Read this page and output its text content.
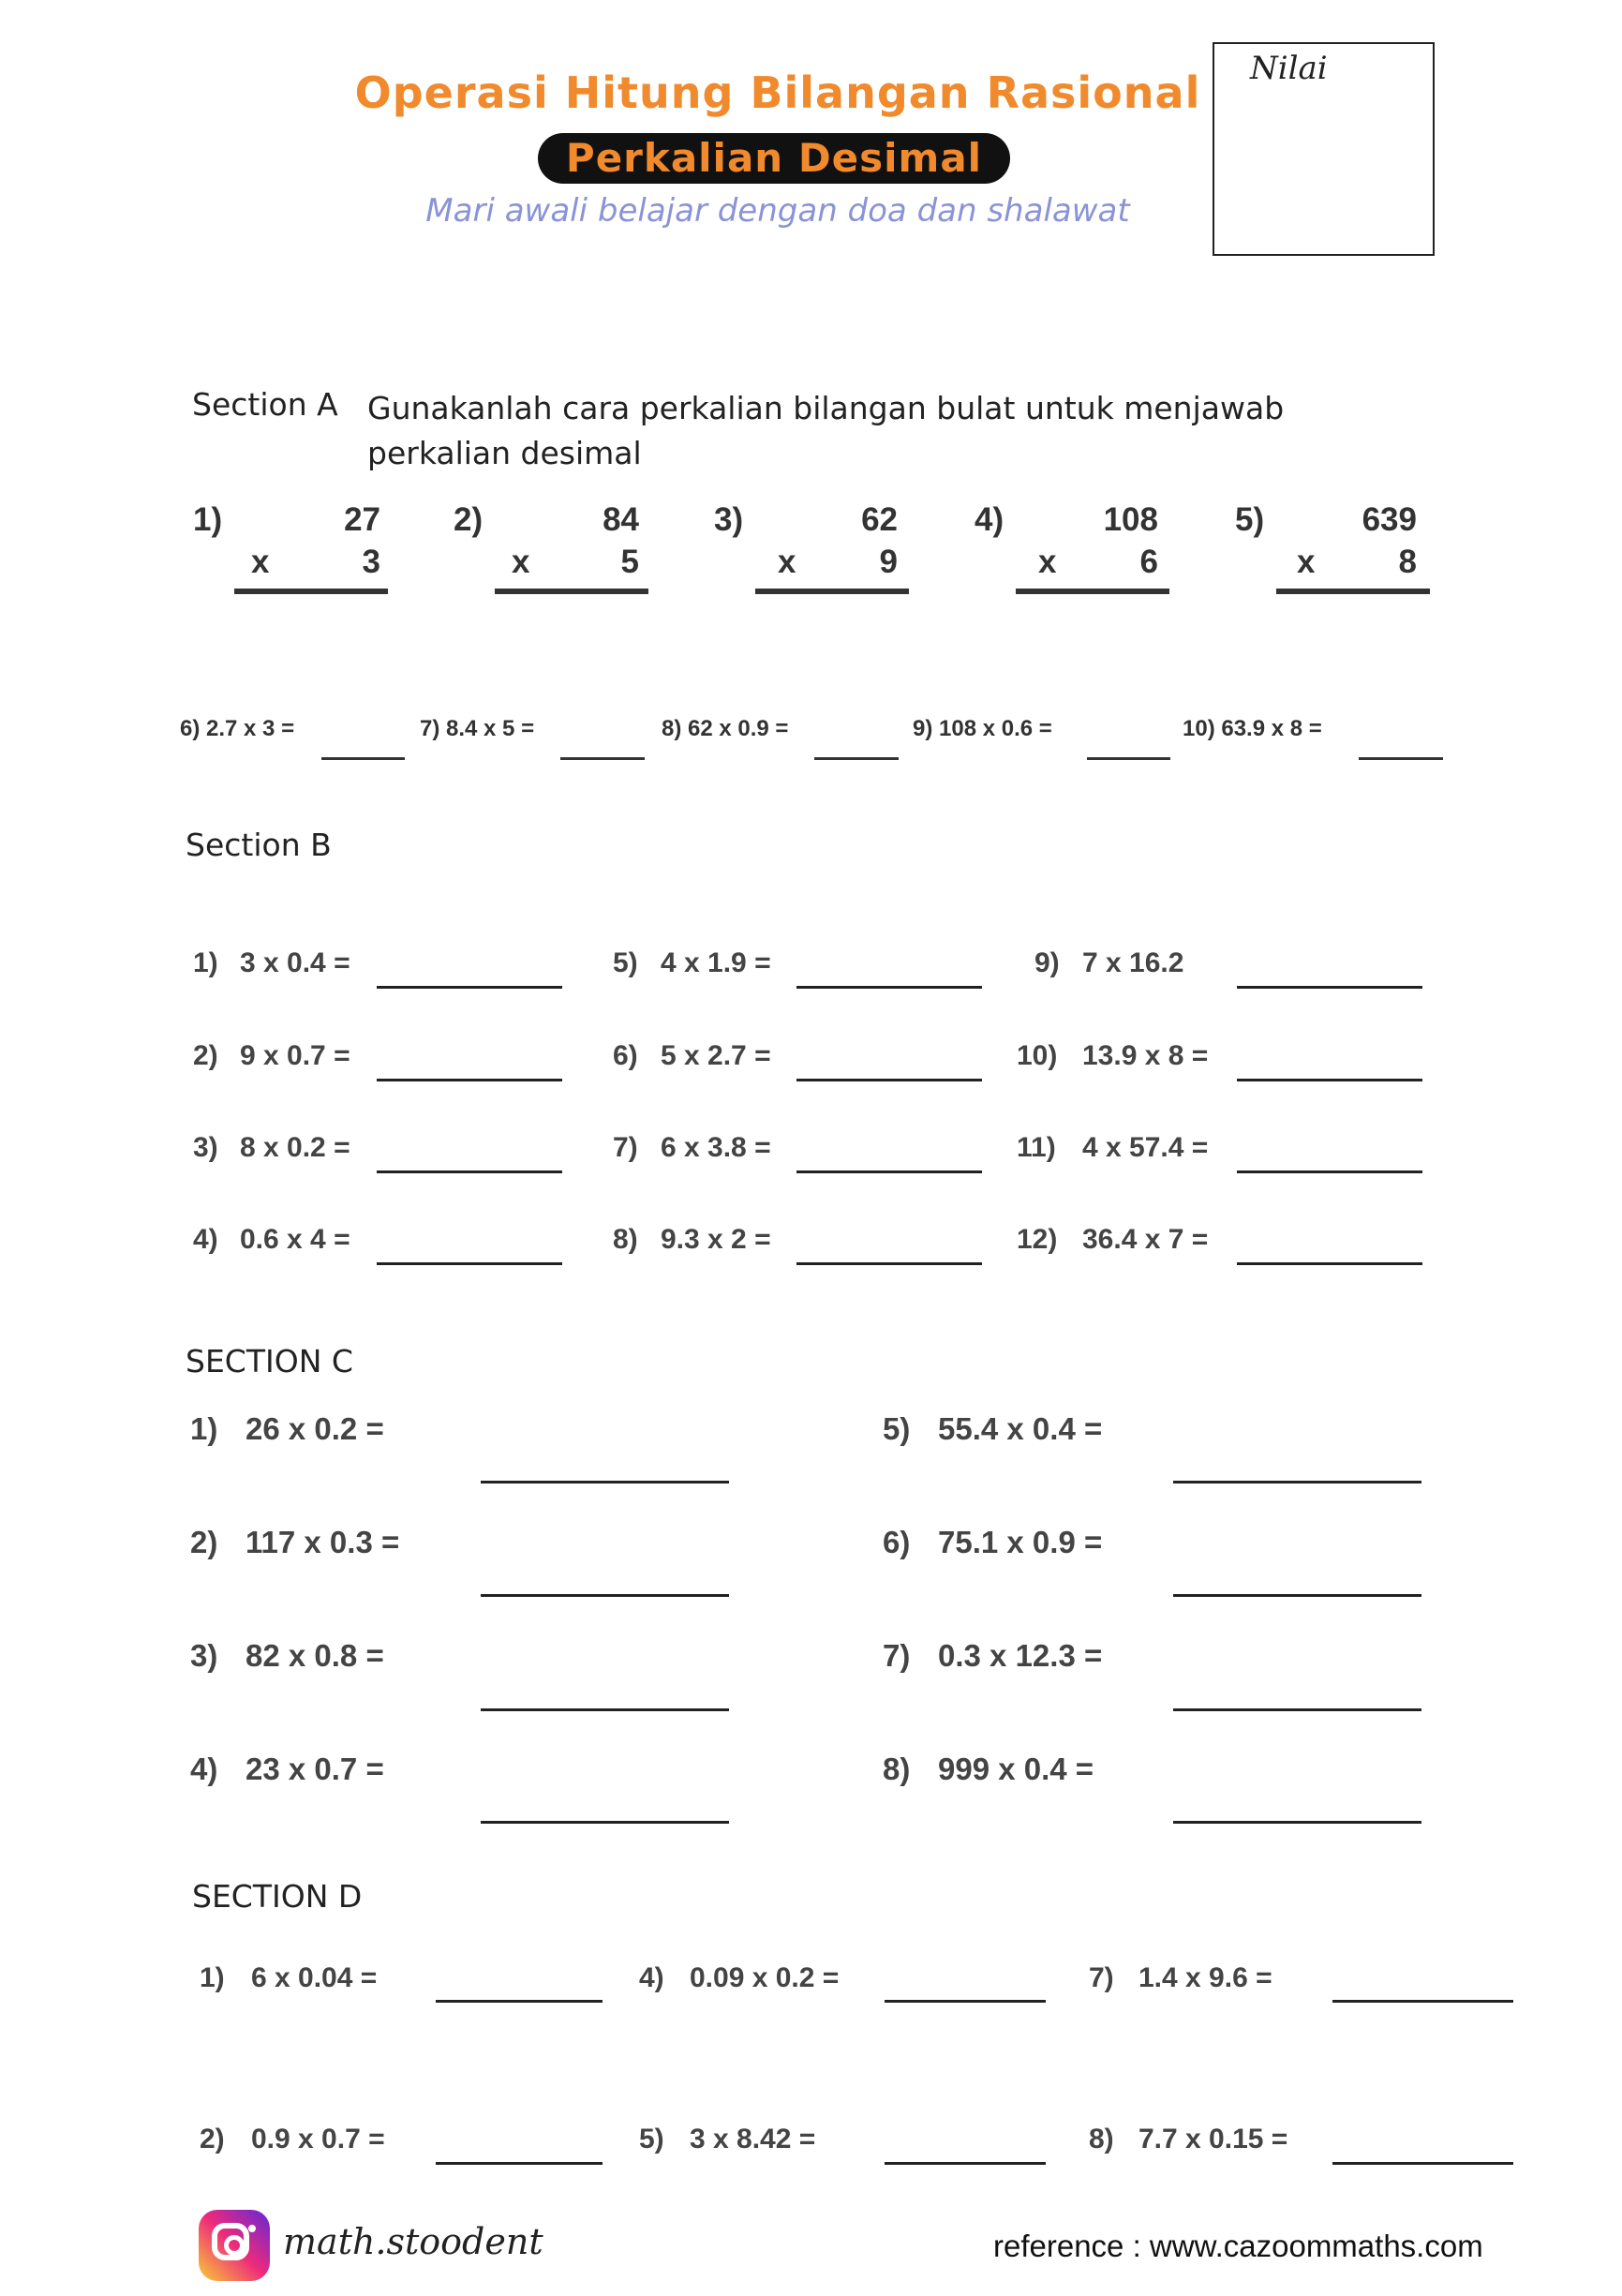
Operasi Hitung Bilangan Rasional
Perkalian Desimal
Mari awali belajar dengan doa dan shalawat
Nilai
Section A Gunakanlah cara perkalian bilangan bulat untuk menjawab perkalian desimal
1)	27
x	3
2)	84
x	5
3)	62
x	9
4)	108
x	6
5)	639
x	8
6) 2.7 x 3 =	7) 8.4 x 5 =	8) 62 x 0.9 =	9) 108 x 0.6 =	10) 63.9 x 8 =
Section B
1) 3 x 0.4 =
2) 9 x 0.7 =
3) 8 x 0.2 =
4) 0.6 x 4 =
5) 4 x 1.9 =
6) 5 x 2.7 =
7) 6 x 3.8 =
8) 9.3 x 2 =
9) 7 x 16.2
10) 13.9 x 8 =
11) 4 x 57.4 =
12) 36.4 x 7 =
SECTION C
1) 26 x 0.2 =
2) 117 x 0.3 =
3) 82 x 0.8 =
4) 23 x 0.7 =
5) 55.4 x 0.4 =
6) 75.1 x 0.9 =
7) 0.3 x 12.3 =
8) 999 x 0.4 =
SECTION D
1) 6 x 0.04 =
2) 0.9 x 0.7 =
4) 0.09 x 0.2 =
5) 3 x 8.42 =
7) 1.4 x 9.6 =
8) 7.7 x 0.15 =
math.stoodent	reference : www.cazoommaths.com
